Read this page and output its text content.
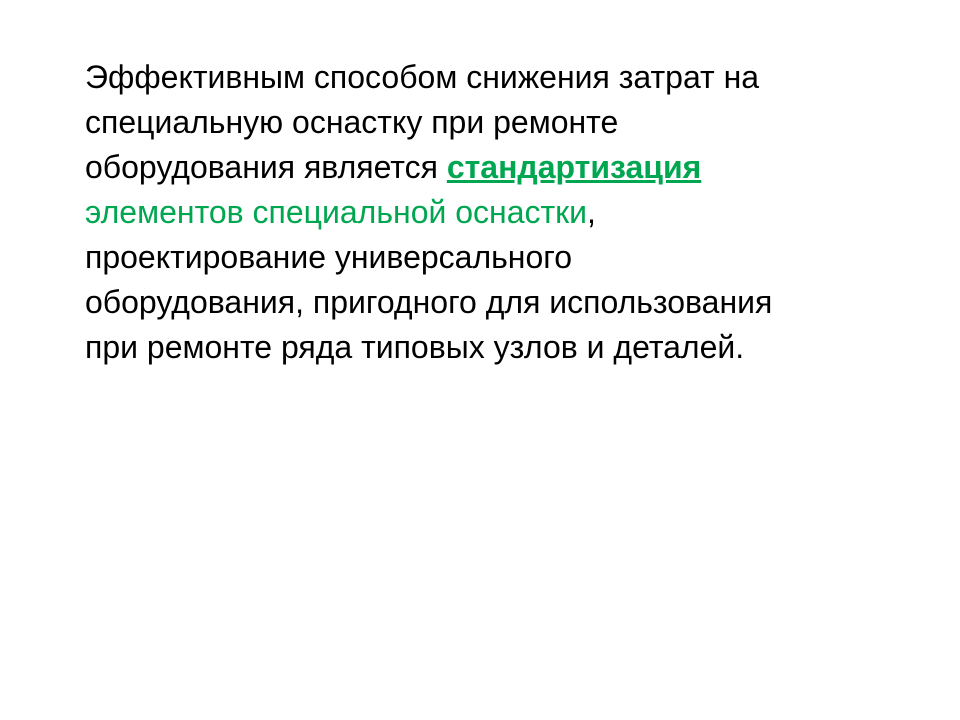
Эффективным способом снижения затрат на
специальную оснастку при ремонте
оборудования является стандартизация
элементов специальной оснастки,
проектирование универсального
оборудования, пригодного для использования
при ремонте ряда типовых узлов и деталей.
